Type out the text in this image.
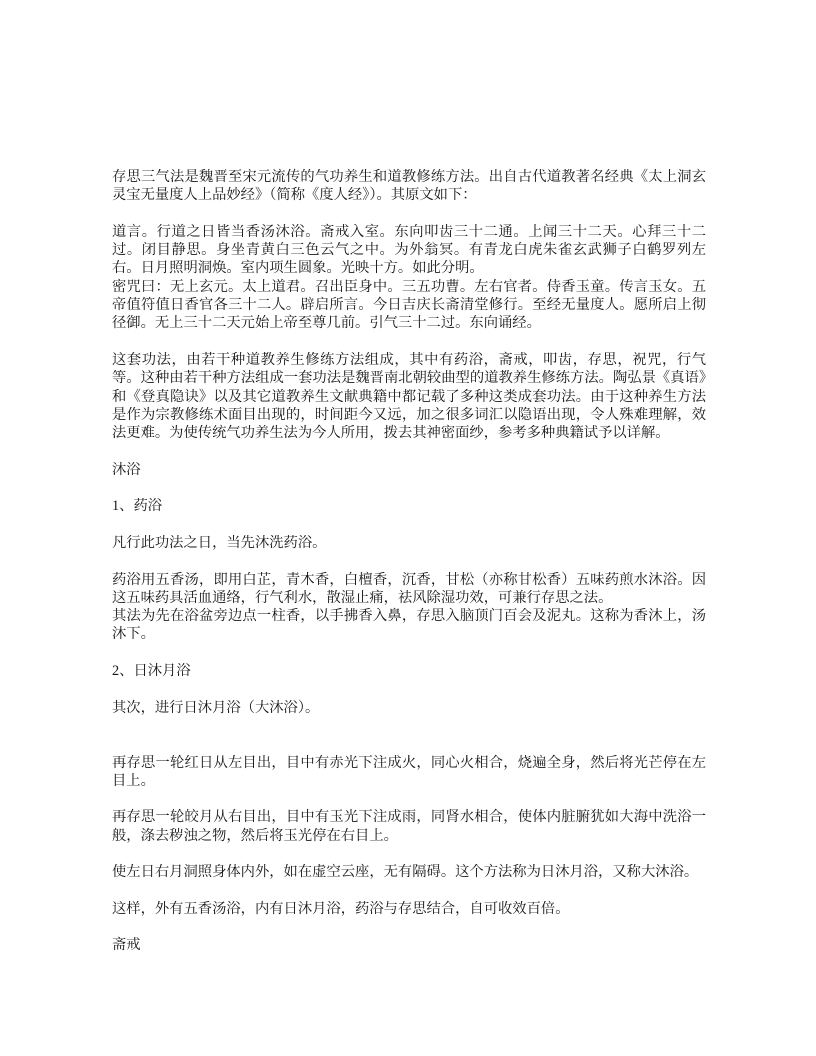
存思三气法是魏晋至宋元流传的气功养生和道教修练方法。出自古代道教著名经典《太上洞玄灵宝无量度人上品妙经》（简称《度人经》）。其原文如下：

道言。行道之日皆当香汤沐浴。斋戒入室。东向叩齿三十二通。上闻三十二天。心拜三十二过。闭目静思。身坐青黄白三色云气之中。为外翁冥。有青龙白虎朱雀玄武狮子白鹤罗列左右。日月照明洞焕。室内项生圆象。光映十方。如此分明。

密咒曰：无上玄元。太上道君。召出臣身中。三五功曹。左右官者。侍香玉童。传言玉女。五帝值符值日香官各三十二人。辟启所言。今日吉庆长斋清堂修行。至经无量度人。愿所启上彻径御。无上三十二天元始上帝至尊几前。引气三十二过。东向诵经。

这套功法，由若干种道教养生修练方法组成，其中有药浴，斋戒，叩齿，存思，祝咒，行气等。这种由若干种方法组成一套功法是魏晋南北朝较曲型的道教养生修练方法。陶弘景《真语》和《登真隐诀》以及其它道教养生文献典籍中都记载了多种这类成套功法。由于这种养生方法是作为宗教修练术面目出现的，时间距今又远，加之很多词汇以隐语出现，令人殊难理解，效法更难。为使传统气功养生法为今人所用，拨去其神密面纱，参考多种典籍试予以详解。

沐浴

1、药浴

凡行此功法之日，当先沐洗药浴。

药浴用五香汤，即用白芷，青木香，白檀香，沉香，甘松（亦称甘松香）五味药煎水沐浴。因这五味药具活血通络，行气利水，散湿止痛，祛风除湿功效，可兼行存思之法。

其法为先在浴盆旁边点一柱香，以手拂香入鼻，存思入脑顶门百会及泥丸。这称为香沐上，汤沐下。

2、日沐月浴

其次，进行日沐月浴（大沐浴）。

再存思一轮红日从左目出，目中有赤光下注成火，同心火相合，烧遍全身，然后将光芒停在左目上。

再存思一轮皎月从右目出，目中有玉光下注成雨，同肾水相合，使体内脏腑犹如大海中洗浴一般，涤去秽浊之物，然后将玉光停在右目上。

使左日右月洞照身体内外，如在虚空云座，无有隔碍。这个方法称为日沐月浴，又称大沐浴。

这样，外有五香汤浴，内有日沐月浴，药浴与存思结合，自可收效百倍。

斋戒
